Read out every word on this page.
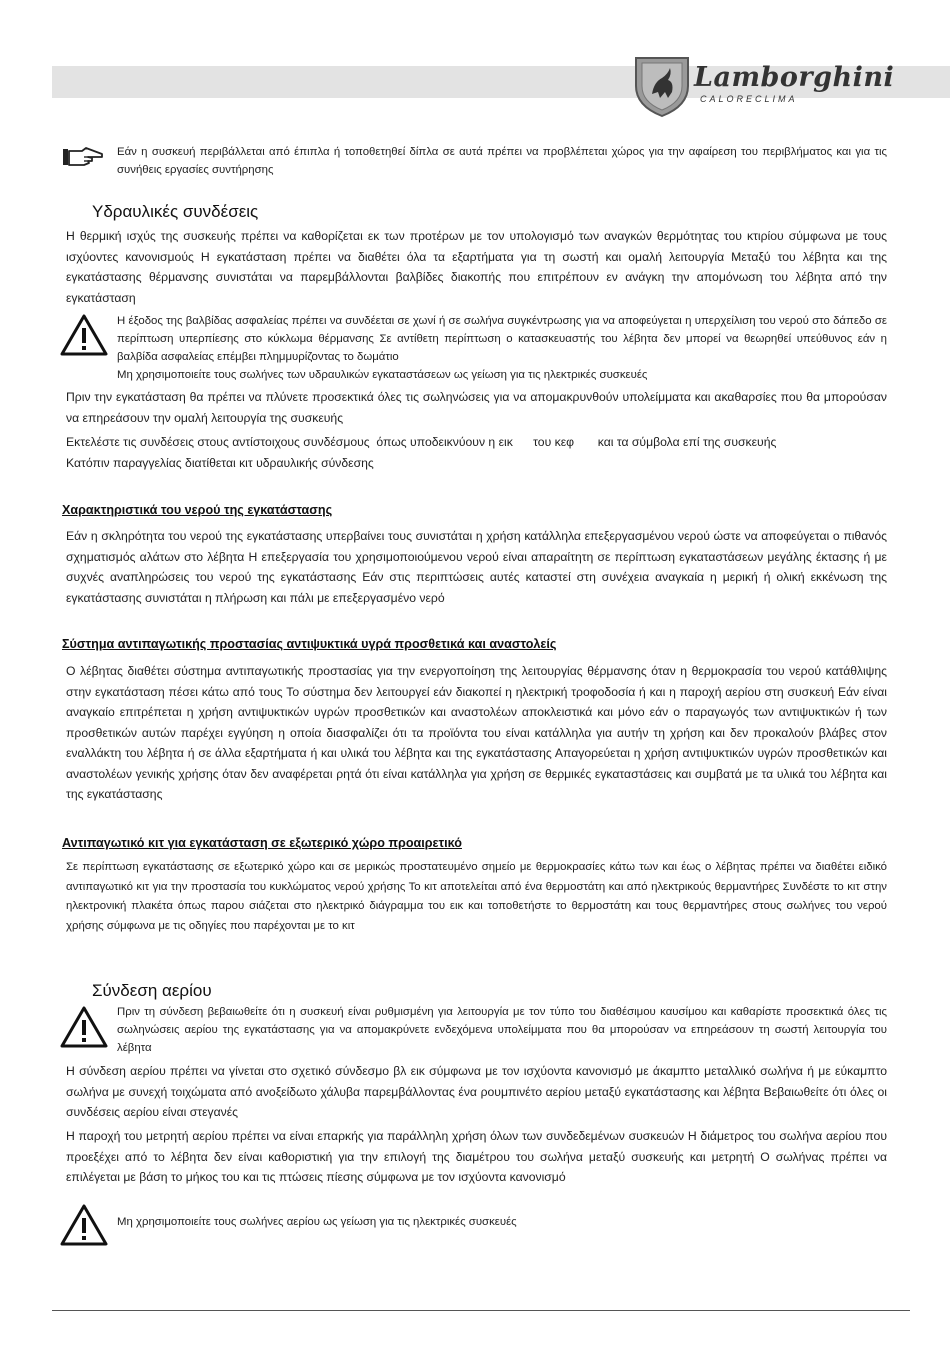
Lamborghini
CALORECLIMA

Εάν η συσκευή περιβάλλεται από έπιπλα ή τοποθετηθεί δίπλα σε αυτά πρέπει να προβλέπεται χώρος για την αφαίρεση του περιβλήματος και για τις συνήθεις εργασίες συντήρησης

Υδραυλικές συνδέσεις

Η θερμική ισχύς της συσκευής πρέπει να καθορίζεται εκ των προτέρων με τον υπολογισμό των αναγκών θερμότητας του κτιρίου σύμφωνα με τους ισχύοντες κανονισμούς Η εγκατάσταση πρέπει να διαθέτει όλα τα εξαρτήματα για τη σωστή και ομαλή λειτουργία Μεταξύ του λέβητα και της εγκατάστασης θέρμανσης συνιστάται να παρεμβάλλονται βαλβίδες διακοπής που επιτρέπουν εν ανάγκη την απομόνωση του λέβητα από την εγκατάσταση

Η έξοδος της βαλβίδας ασφαλείας πρέπει να συνδέεται σε χωνί ή σε σωλήνα συγκέντρωσης για να αποφεύγεται η υπερχείλιση του νερού στο δάπεδο σε περίπτωση υπερπίεσης στο κύκλωμα θέρμανσης Σε αντίθετη περίπτωση ο κατασκευαστής του λέβητα δεν μπορεί να θεωρηθεί υπεύθυνος εάν η βαλβίδα ασφαλείας επέμβει πλημμυρίζοντας το δωμάτιο

Μη χρησιμοποιείτε τους σωλήνες των υδραυλικών εγκαταστάσεων ως γείωση για τις ηλεκτρικές συσκευές

Πριν την εγκατάσταση θα πρέπει να πλύνετε προσεκτικά όλες τις σωληνώσεις για να απομακρυνθούν υπολείμματα και ακαθαρσίες που θα μπορούσαν να επηρεάσουν την ομαλή λειτουργία της συσκευής

Εκτελέστε τις συνδέσεις στους αντίστοιχους συνδέσμους  όπως υποδεικνύουν η εικ      του κεφ       και τα σύμβολα επί της συσκευής

Κατόπιν παραγγελίας διατίθεται κιτ υδραυλικής σύνδεσης

Χαρακτηριστικά του νερού της εγκατάστασης

Εάν η σκληρότητα του νερού της εγκατάστασης υπερβαίνει τους συνιστάται η χρήση κατάλληλα επεξεργασμένου νερού ώστε να αποφεύγεται ο πιθανός σχηματισμός αλάτων στο λέβητα Η επεξεργασία του χρησιμοποιούμενου νερού είναι απαραίτητη σε περίπτωση εγκαταστάσεων μεγάλης έκτασης ή με συχνές αναπληρώσεις του νερού της εγκατάστασης Εάν στις περιπτώσεις αυτές καταστεί στη συνέχεια αναγκαία η μερική ή ολική εκκένωση της εγκατάστασης συνιστάται η πλήρωση και πάλι με επεξεργασμένο νερό

Σύστημα αντιπαγωτικής προστασίας αντιψυκτικά υγρά προσθετικά και αναστολείς

Ο λέβητας διαθέτει σύστημα αντιπαγωτικής προστασίας για την ενεργοποίηση της λειτουργίας θέρμανσης όταν η θερμοκρασία του νερού κατάθλιψης στην εγκατάσταση πέσει κάτω από τους Το σύστημα δεν λειτουργεί εάν διακοπεί η ηλεκτρική τροφοδοσία ή και η παροχή αερίου στη συσκευή Εάν είναι αναγκαίο επιτρέπεται η χρήση αντιψυκτικών υγρών προσθετικών και αναστολέων αποκλειστικά και μόνο εάν ο παραγωγός των αντιψυκτικών ή των προσθετικών αυτών παρέχει εγγύηση η οποία διασφαλίζει ότι τα προϊόντα του είναι κατάλληλα για αυτήν τη χρήση και δεν προκαλούν βλάβες στον εναλλάκτη του λέβητα ή σε άλλα εξαρτήματα ή και υλικά του λέβητα και της εγκατάστασης Απαγορεύεται η χρήση αντιψυκτικών υγρών προσθετικών και αναστολέων γενικής χρήσης όταν δεν αναφέρεται ρητά ότι είναι κατάλληλα για χρήση σε θερμικές εγκαταστάσεις και συμβατά με τα υλικά του λέβητα και της εγκατάστασης

Αντιπαγωτικό κιτ για εγκατάσταση σε εξωτερικό χώρο προαιρετικό

Σε περίπτωση εγκατάστασης σε εξωτερικό χώρο και σε μερικώς προστατευμένο σημείο με θερμοκρασίες κάτω των και έως ο λέβητας πρέπει να διαθέτει ειδικό αντιπαγωτικό κιτ για την προστασία του κυκλώματος νερού χρήσης Το κιτ αποτελείται από ένα θερμοστάτη και από ηλεκτρικούς θερμαντήρες Συνδέστε το κιτ στην ηλεκτρονική πλακέτα όπως παρου σιάζεται στο ηλεκτρικό διάγραμμα του εικ και τοποθετήστε το θερμοστάτη και τους θερμαντήρες στους σωλήνες του νερού χρήσης σύμφωνα με τις οδηγίες που παρέχονται με το κιτ

Σύνδεση αερίου

Πριν τη σύνδεση βεβαιωθείτε ότι η συσκευή είναι ρυθμισμένη για λειτουργία με τον τύπο του διαθέσιμου καυσίμου και καθαρίστε προσεκτικά όλες τις σωληνώσεις αερίου της εγκατάστασης για να απομακρύνετε ενδεχόμενα υπολείμματα που θα μπορούσαν να επηρεάσουν τη σωστή λειτουργία του λέβητα

Η σύνδεση αερίου πρέπει να γίνεται στο σχετικό σύνδεσμο βλ εικ σύμφωνα με τον ισχύοντα κανονισμό με άκαμπτο μεταλλικό σωλήνα ή με εύκαμπτο σωλήνα με συνεχή τοιχώματα από ανοξείδωτο χάλυβα παρεμβάλλοντας ένα ρουμπινέτο αερίου μεταξύ εγκατάστασης και λέβητα Βεβαιωθείτε ότι όλες οι συνδέσεις αερίου είναι στεγανές

Η παροχή του μετρητή αερίου πρέπει να είναι επαρκής για παράλληλη χρήση όλων των συνδεδεμένων συσκευών Η διάμετρος του σωλήνα αερίου που προεξέχει από το λέβητα δεν είναι καθοριστική για την επιλογή της διαμέτρου του σωλήνα μεταξύ συσκευής και μετρητή Ο σωλήνας πρέπει να επιλέγεται με βάση το μήκος του και τις πτώσεις πίεσης σύμφωνα με τον ισχύοντα κανονισμό

Μη χρησιμοποιείτε τους σωλήνες αερίου ως γείωση για τις ηλεκτρικές συσκευές
